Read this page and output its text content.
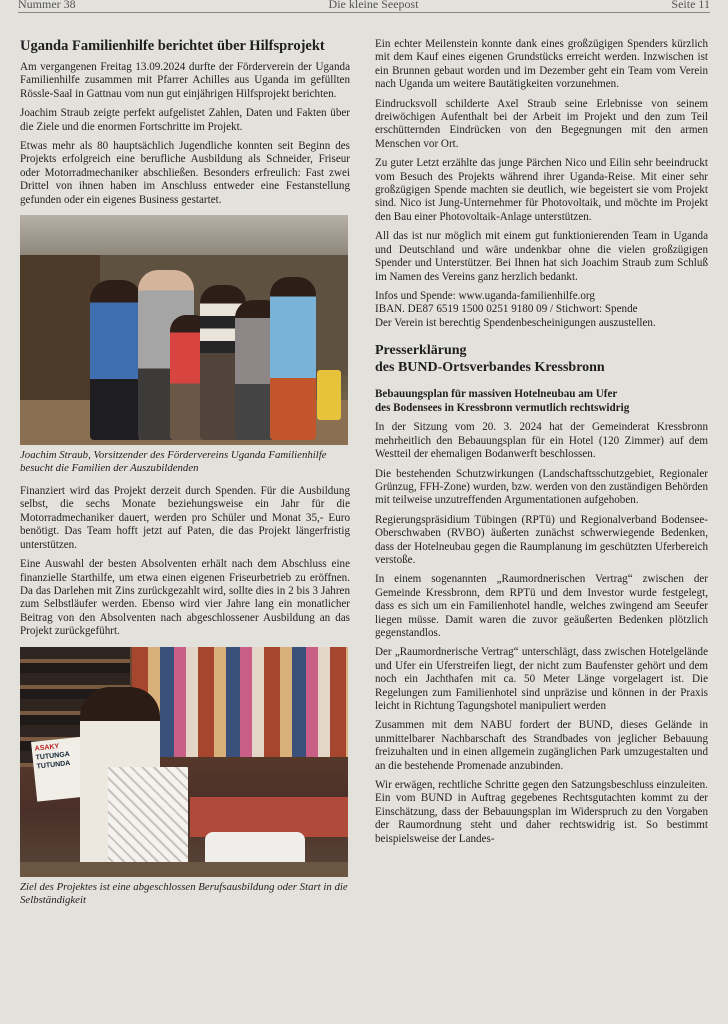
Nummer 38	Die kleine Seepost	Seite 11
Uganda Familienhilfe berichtet über Hilfsprojekt

Am vergangenen Freitag 13.09.2024 durfte der Förderverein der Uganda Familienhilfe zusammen mit Pfarrer Achilles aus Uganda im gefüllten Rössle-Saal in Gattnau vom nun gut einjährigen Hilfsprojekt berichten.

Joachim Straub zeigte perfekt aufgelistet Zahlen, Daten und Fakten über die Ziele und die enormen Fortschritte im Projekt.

Etwas mehr als 80 hauptsächlich Jugendliche konnten seit Beginn des Projekts erfolgreich eine berufliche Ausbildung als Schneider, Friseur oder Motorradmechaniker abschließen. Besonders erfreulich: Fast zwei Drittel von ihnen haben im Anschluss entweder eine Festanstellung gefunden oder ein eigenes Business gestartet.

Joachim Straub, Vorsitzender des Fördervereins Uganda Familienhilfe besucht die Familien der Auszubildenden

Finanziert wird das Projekt derzeit durch Spenden. Für die Ausbildung selbst, die sechs Monate beziehungsweise ein Jahr für die Motorradmechaniker dauert, werden pro Schüler und Monat 35,- Euro benötigt. Das Team hofft jetzt auf Paten, die das Projekt längerfristig unterstützen.

Eine Auswahl der besten Absolventen erhält nach dem Abschluss eine finanzielle Starthilfe, um etwa einen eigenen Friseurbetrieb zu eröffnen. Da das Darlehen mit Zins zurückgezahlt wird, sollte dies in 2 bis 3 Jahren zum Selbstläufer werden. Ebenso wird vier Jahre lang ein monatlicher Beitrag von den Absolventen nach abgeschlossener Ausbildung an das Projekt zurückgeführt.

ASAKY
TUTUNGA
TUTUNDA
Ziel des Projektes ist eine abgeschlossen Berufsausbildung oder Start in die Selbständigkeit

Ein echter Meilenstein konnte dank eines großzügigen Spenders kürzlich mit dem Kauf eines eigenen Grundstücks erreicht werden. Inzwischen ist ein Brunnen gebaut worden und im Dezember geht ein Team vom Verein nach Uganda um weitere Bautätigkeiten vorzunehmen.

Eindrucksvoll schilderte Axel Straub seine Erlebnisse von seinem dreiwöchigen Aufenthalt bei der Arbeit im Projekt und den zum Teil erschütternden Eindrücken von den Begegnungen mit den armen Menschen vor Ort.

Zu guter Letzt erzählte das junge Pärchen Nico und Eilin sehr beeindruckt vom Besuch des Projekts während ihrer Uganda-Reise. Mit einer sehr großzügigen Spende machten sie deutlich, wie begeistert sie vom Projekt sind. Nico ist Jung-Unternehmer für Photovoltaik, und möchte im Projekt den Bau einer Photovoltaik-Anlage unterstützen.

All das ist nur möglich mit einem gut funktionierenden Team in Uganda und Deutschland und wäre undenkbar ohne die vielen großzügigen Spender und Unterstützer. Bei Ihnen hat sich Joachim Straub zum Schluß im Namen des Vereins ganz herzlich bedankt.

Infos und Spende: www.uganda-familienhilfe.org

IBAN. DE87 6519 1500 0251 9180 09 / Stichwort: Spende

Der Verein ist berechtig Spendenbescheinigungen auszustellen.

Presserklärung
des BUND-Ortsverbandes Kressbronn
Bebauungsplan für massiven Hotelneubau am Ufer
des Bodensees in Kressbronn vermutlich rechtswidrig

In der Sitzung vom 20. 3. 2024 hat der Gemeinderat Kressbronn mehrheitlich den Bebauungsplan für ein Hotel (120 Zimmer) auf dem Westteil der ehemaligen Bodanwerft beschlossen.

Die bestehenden Schutzwirkungen (Landschaftsschutzgebiet, Regionaler Grünzug, FFH-Zone) wurden, bzw. werden von den zuständigen Behörden mit teilweise unzutreffenden Argumentationen aufgehoben.

Regierungspräsidium Tübingen (RPTü) und Regionalverband Bodensee-Oberschwaben (RVBO) äußerten zunächst schwerwiegende Bedenken, dass der Hotelneubau gegen die Raumplanung im geschützten Uferbereich verstoße.

In einem sogenannten „Raumordnerischen Vertrag“ zwischen der Gemeinde Kressbronn, dem RPTü und dem Investor wurde festgelegt, dass es sich um ein Familienhotel handle, welches zwingend am Seeufer liegen müsse. Damit waren die zuvor geäußerten Bedenken plötzlich gegenstandlos.

Der „Raumordnerische Vertrag“ unterschlägt, dass zwischen Hotelgelände und Ufer ein Uferstreifen liegt, der nicht zum Baufenster gehört und dem noch ein Jachthafen mit ca. 50 Meter Länge vorgelagert ist. Die Regelungen zum Familienhotel sind unpräzise und können in der Praxis leicht in Richtung Tagungshotel manipuliert werden

Zusammen mit dem NABU fordert der BUND, dieses Gelände in unmittelbarer Nachbarschaft des Strandbades von jeglicher Bebauung freizuhalten und in einen allgemein zugänglichen Park umzugestalten und an die bestehende Promenade anzubinden.

Wir erwägen, rechtliche Schritte gegen den Satzungsbeschluss einzuleiten. Ein vom BUND in Auftrag gegebenes Rechtsgutachten kommt zu der Einschätzung, dass der Bebauungsplan im Widerspruch zu den Vorgaben der Raumordnung steht und daher rechtswidrig ist. So bestimmt beispielsweise der Landes-
